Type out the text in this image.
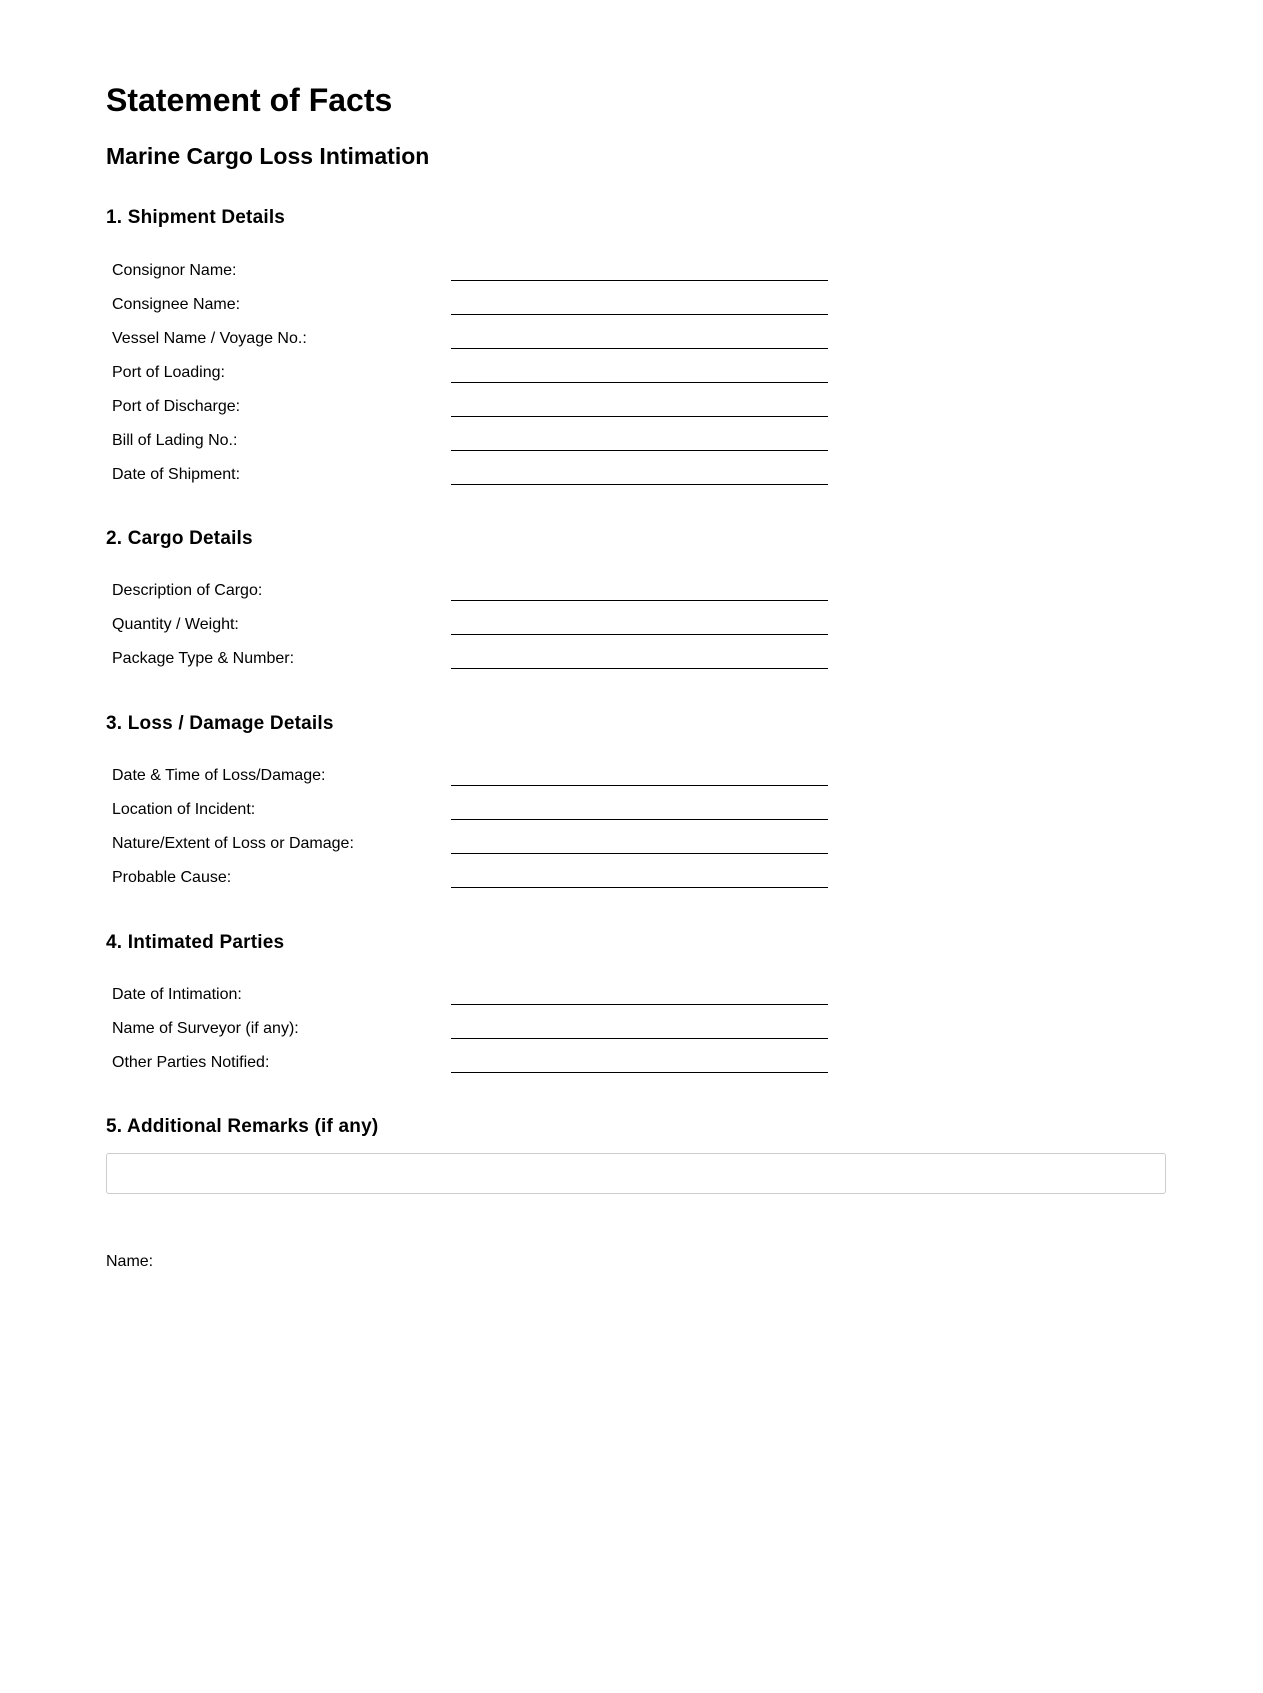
Statement of Facts
Marine Cargo Loss Intimation
1. Shipment Details
Consignor Name:
Consignee Name:
Vessel Name / Voyage No.:
Port of Loading:
Port of Discharge:
Bill of Lading No.:
Date of Shipment:
2. Cargo Details
Description of Cargo:
Quantity / Weight:
Package Type & Number:
3. Loss / Damage Details
Date & Time of Loss/Damage:
Location of Incident:
Nature/Extent of Loss or Damage:
Probable Cause:
4. Intimated Parties
Date of Intimation:
Name of Surveyor (if any):
Other Parties Notified:
5. Additional Remarks (if any)
Name:
